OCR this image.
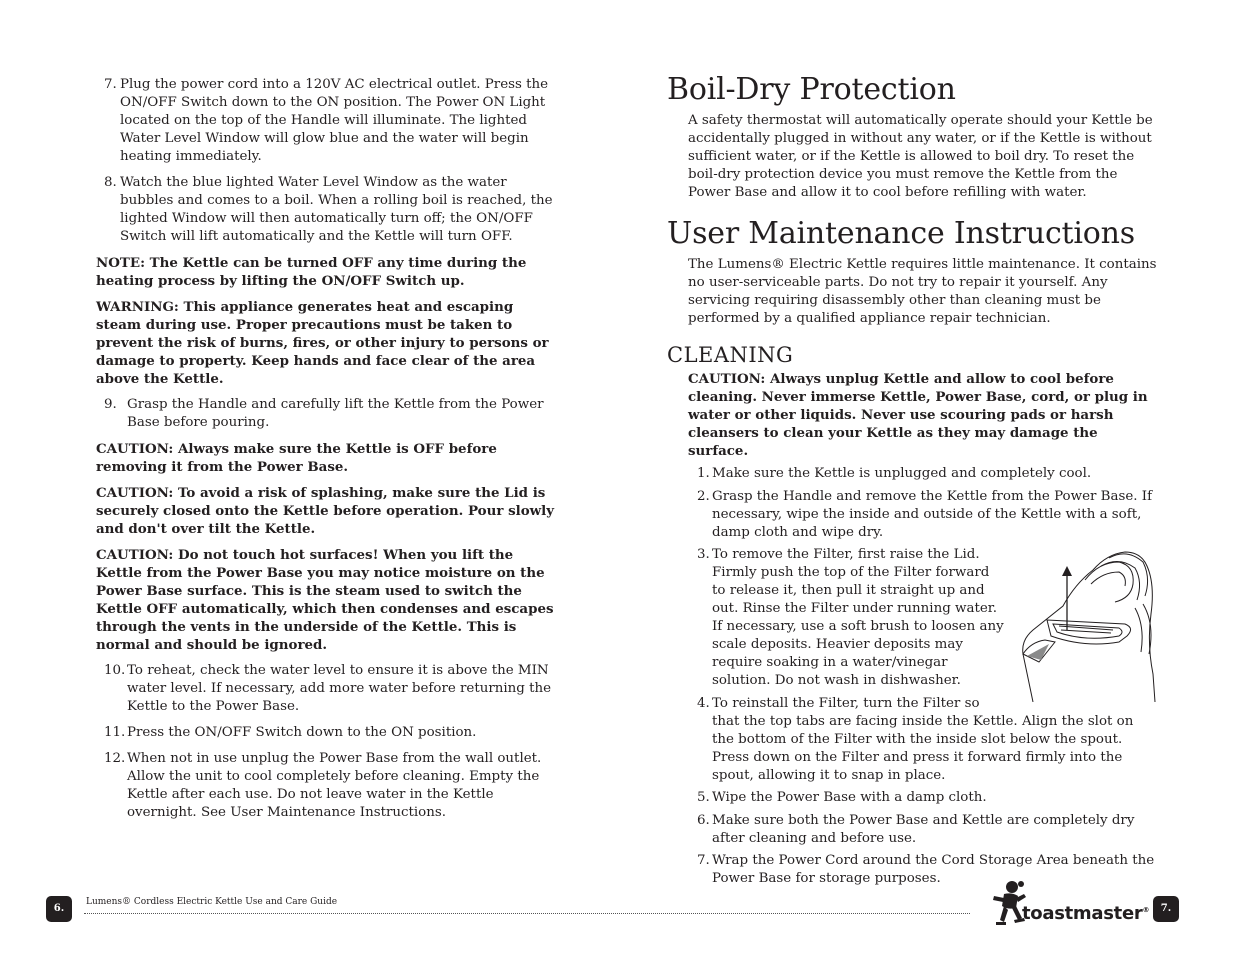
7. Plug the power cord into a 120V AC electrical outlet. Press the ON/OFF Switch down to the ON position. The Power ON Light located on the top of the Handle will illuminate. The lighted Water Level Window will glow blue and the water will begin heating immediately.
8. Watch the blue lighted Water Level Window as the water bubbles and comes to a boil. When a rolling boil is reached, the lighted Window will then automatically turn off; the ON/OFF Switch will lift automatically and the Kettle will turn OFF.

NOTE: The Kettle can be turned OFF any time during the heating process by lifting the ON/OFF Switch up.

WARNING: This appliance generates heat and escaping steam during use. Proper precautions must be taken to prevent the risk of burns, fires, or other injury to persons or damage to property. Keep hands and face clear of the area above the Kettle.

9. Grasp the Handle and carefully lift the Kettle from the Power Base before pouring.

CAUTION: Always make sure the Kettle is OFF before removing it from the Power Base.

CAUTION: To avoid a risk of splashing, make sure the Lid is securely closed onto the Kettle before operation. Pour slowly and don't over tilt the Kettle.

CAUTION: Do not touch hot surfaces! When you lift the Kettle from the Power Base you may notice moisture on the Power Base surface. This is the steam used to switch the Kettle OFF automatically, which then condenses and escapes through the vents in the underside of the Kettle. This is normal and should be ignored.

10. To reheat, check the water level to ensure it is above the MIN water level. If necessary, add more water before returning the Kettle to the Power Base.
11. Press the ON/OFF Switch down to the ON position.
12. When not in use unplug the Power Base from the wall outlet. Allow the unit to cool completely before cleaning. Empty the Kettle after each use. Do not leave water in the Kettle overnight. See User Maintenance Instructions.
Boil-Dry Protection

A safety thermostat will automatically operate should your Kettle be accidentally plugged in without any water, or if the Kettle is without sufficient water, or if the Kettle is allowed to boil dry. To reset the boil-dry protection device you must remove the Kettle from the Power Base and allow it to cool before refilling with water.

User Maintenance Instructions

The Lumens® Electric Kettle requires little maintenance. It contains no user-serviceable parts. Do not try to repair it yourself. Any servicing requiring disassembly other than cleaning must be performed by a qualified appliance repair technician.

CLEANING

CAUTION: Always unplug Kettle and allow to cool before cleaning. Never immerse Kettle, Power Base, cord, or plug in water or other liquids. Never use scouring pads or harsh cleansers to clean your Kettle as they may damage the surface.

1. Make sure the Kettle is unplugged and completely cool.
2. Grasp the Handle and remove the Kettle from the Power Base. If necessary, wipe the inside and outside of the Kettle with a soft, damp cloth and wipe dry.
3. To remove the Filter, first raise the Lid.
Firmly push the top of the Filter forward
to release it, then pull it straight up and
out. Rinse the Filter under running water.
If necessary, use a soft brush to loosen any
scale deposits. Heavier deposits may
require soaking in a water/vinegar
solution. Do not wash in dishwasher.
4. To reinstall the Filter, turn the Filter so
that the top tabs are facing inside the Kettle. Align the slot on the bottom of the Filter with the inside slot below the spout. Press down on the Filter and press it forward firmly into the spout, allowing it to snap in place.
5. Wipe the Power Base with a damp cloth.
6. Make sure both the Power Base and Kettle are completely dry after cleaning and before use.
7. Wrap the Power Cord around the Cord Storage Area beneath the Power Base for storage purposes.
6.
Lumens® Cordless Electric Kettle Use and Care Guide
toastmaster®	7.
